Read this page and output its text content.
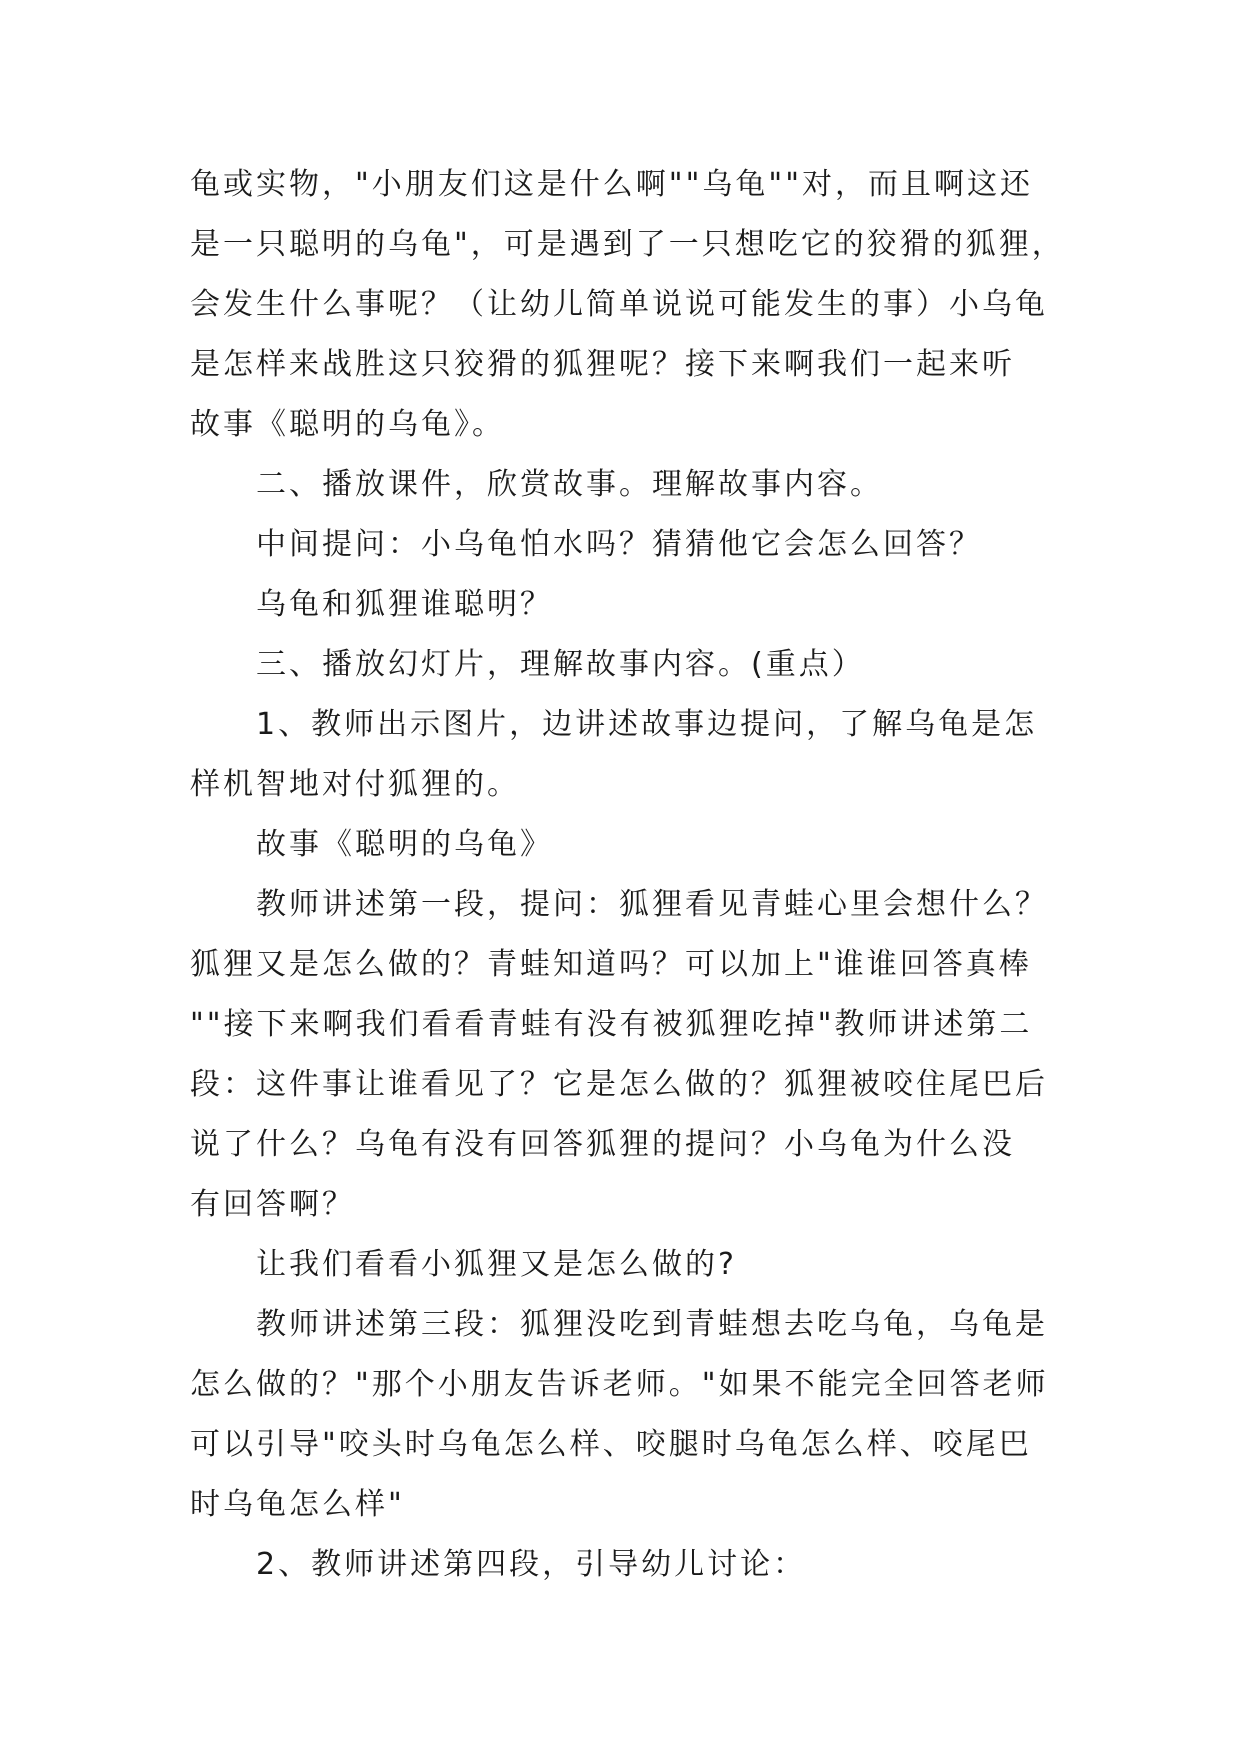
龟或实物，"小朋友们这是什么啊""乌龟""对，而且啊这还
是一只聪明的乌龟"，可是遇到了一只想吃它的狡猾的狐狸，
会发生什么事呢？（让幼儿简单说说可能发生的事）小乌龟
是怎样来战胜这只狡猾的狐狸呢？接下来啊我们一起来听
故事《聪明的乌龟》。
二、播放课件，欣赏故事。理解故事内容。
中间提问：小乌龟怕水吗？猜猜他它会怎么回答？
乌龟和狐狸谁聪明？
三、播放幻灯片，理解故事内容。(重点）
1、教师出示图片，边讲述故事边提问，了解乌龟是怎
样机智地对付狐狸的。
故事《聪明的乌龟》
教师讲述第一段，提问：狐狸看见青蛙心里会想什么？
狐狸又是怎么做的？青蛙知道吗？可以加上"谁谁回答真棒
""接下来啊我们看看青蛙有没有被狐狸吃掉"教师讲述第二
段：这件事让谁看见了？它是怎么做的？狐狸被咬住尾巴后
说了什么？乌龟有没有回答狐狸的提问？小乌龟为什么没
有回答啊？
让我们看看小狐狸又是怎么做的?
教师讲述第三段：狐狸没吃到青蛙想去吃乌龟，乌龟是
怎么做的？"那个小朋友告诉老师。"如果不能完全回答老师
可以引导"咬头时乌龟怎么样、咬腿时乌龟怎么样、咬尾巴
时乌龟怎么样"
2、教师讲述第四段，引导幼儿讨论：
